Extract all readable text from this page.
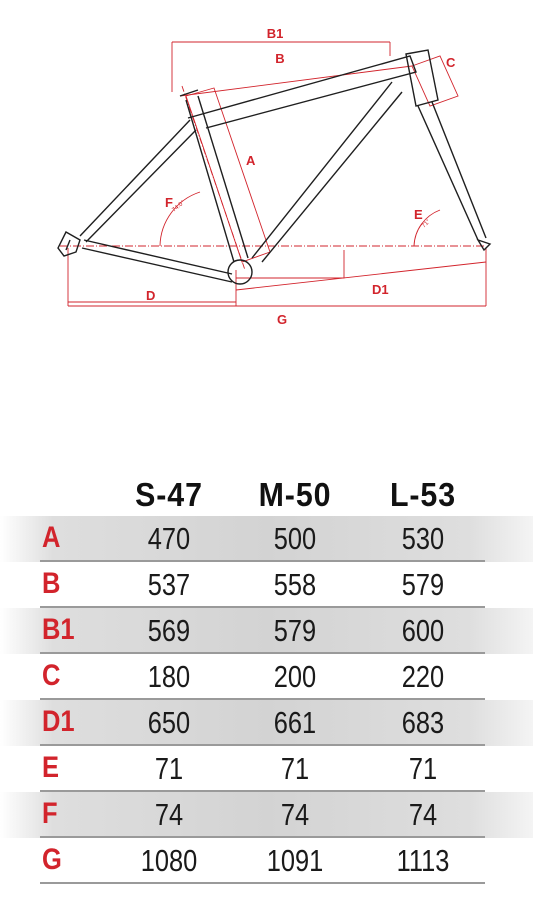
B1
B	C
A
F
E
D	D1
G
74.0°
71°
S-47	M-50	L-53
A	470	500	530
B	537	558	579
B1	569	579	600
C	180	200	220
D1	650	661	683
E	71	71	71
F	74	74	74
G	1080	1091	1113
